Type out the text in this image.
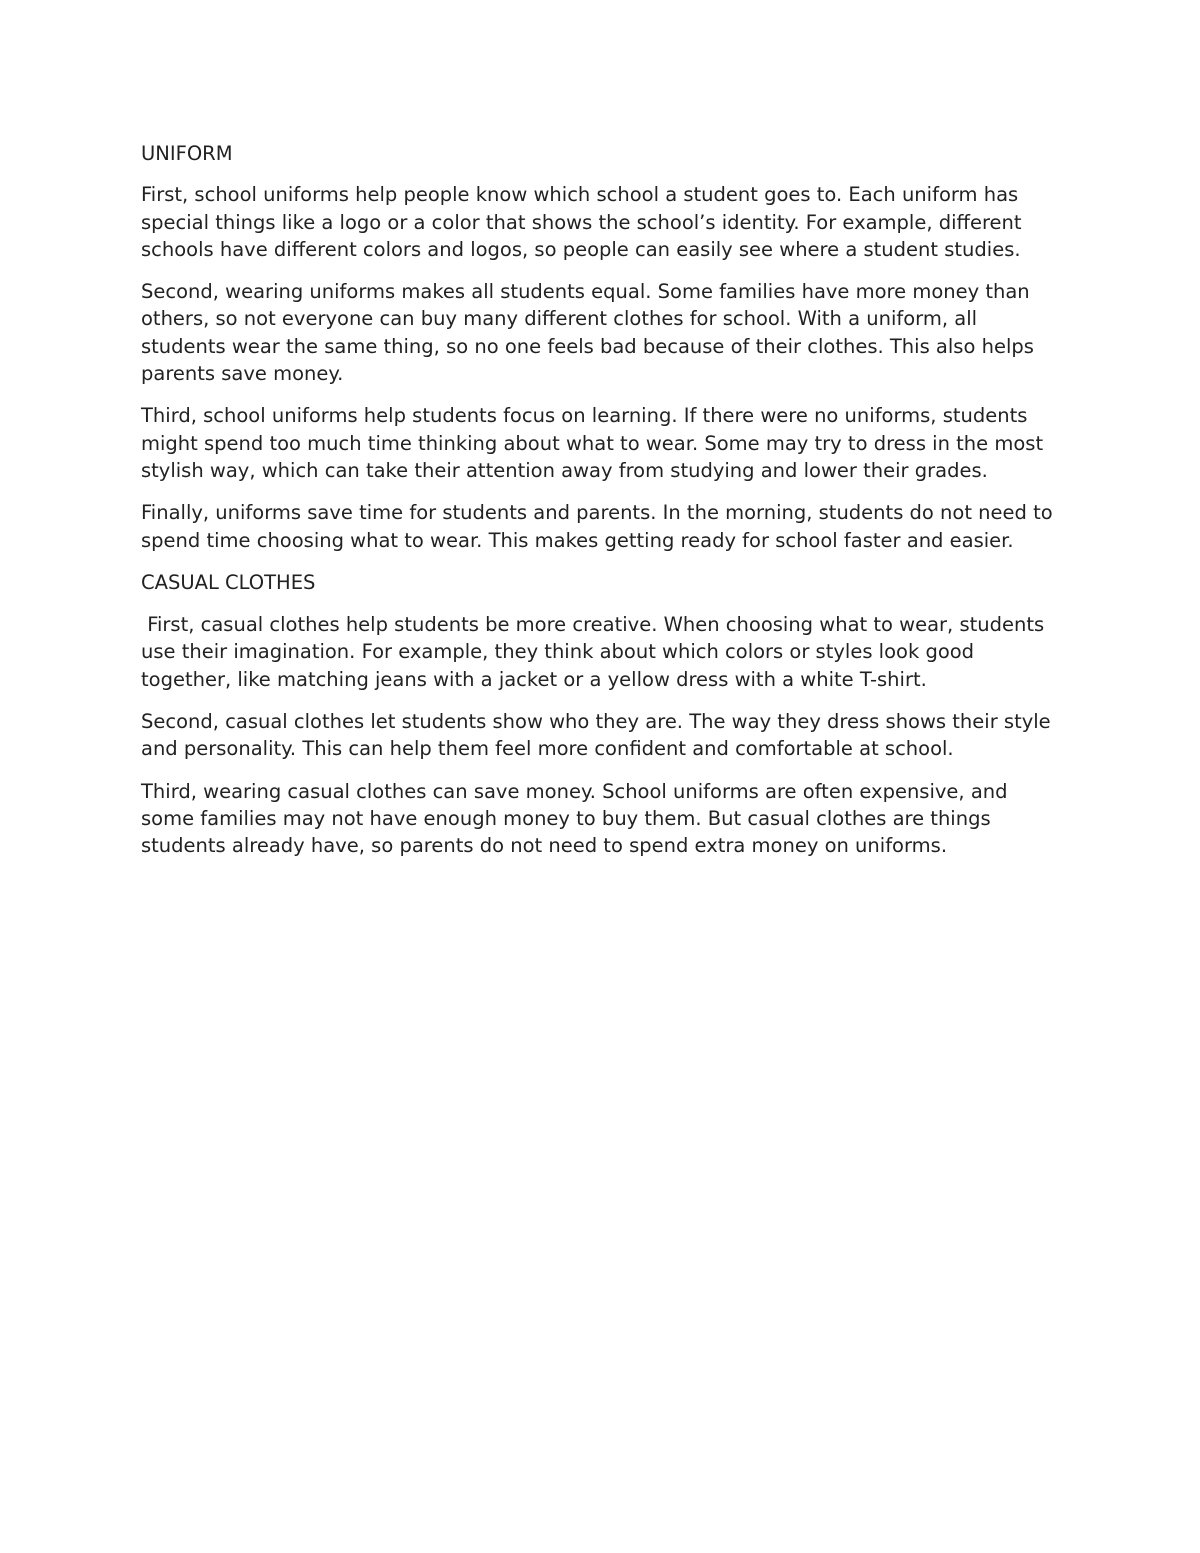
UNIFORM

First, school uniforms help people know which school a student goes to. Each uniform has special things like a logo or a color that shows the school’s identity. For example, different schools have different colors and logos, so people can easily see where a student studies.

Second, wearing uniforms makes all students equal. Some families have more money than others, so not everyone can buy many different clothes for school. With a uniform, all students wear the same thing, so no one feels bad because of their clothes. This also helps parents save money.

Third, school uniforms help students focus on learning. If there were no uniforms, students might spend too much time thinking about what to wear. Some may try to dress in the most stylish way, which can take their attention away from studying and lower their grades.

Finally, uniforms save time for students and parents. In the morning, students do not need to spend time choosing what to wear. This makes getting ready for school faster and easier.

CASUAL CLOTHES

First, casual clothes help students be more creative. When choosing what to wear, students use their imagination. For example, they think about which colors or styles look good together, like matching jeans with a jacket or a yellow dress with a white T-shirt.

Second, casual clothes let students show who they are. The way they dress shows their style and personality. This can help them feel more confident and comfortable at school.

Third, wearing casual clothes can save money. School uniforms are often expensive, and some families may not have enough money to buy them. But casual clothes are things students already have, so parents do not need to spend extra money on uniforms.
